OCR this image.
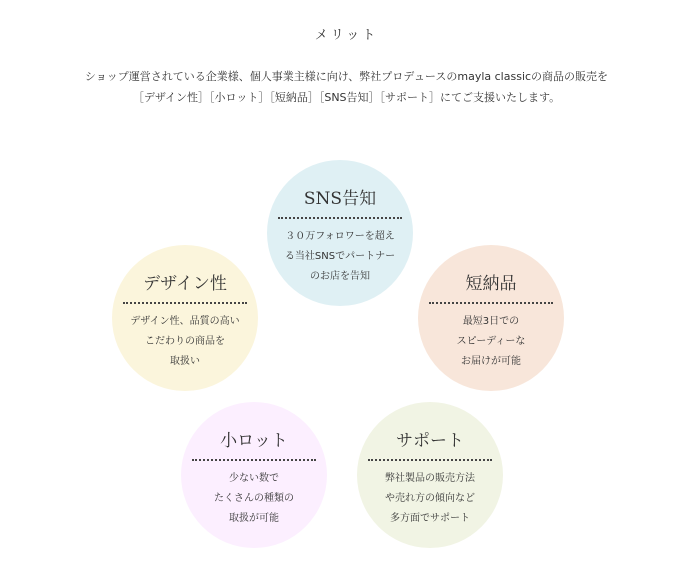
メリット
ショップ運営されている企業様、個人事業主様に向け、弊社プロデュースのmayla classicの商品の販売を
［デザイン性］［小ロット］［短納品］［SNS告知］［サポート］にてご支援いたします。
SNS告知
３０万フォロワーを超え
る当社SNSでパートナー
のお店を告知
デザイン性
デザイン性、品質の高い
こだわりの商品を
取扱い
短納品
最短3日での
スピーディーな
お届けが可能
小ロット
少ない数で
たくさんの種類の
取扱が可能
サポート
弊社製品の販売方法
や売れ方の傾向など
多方面でサポート
